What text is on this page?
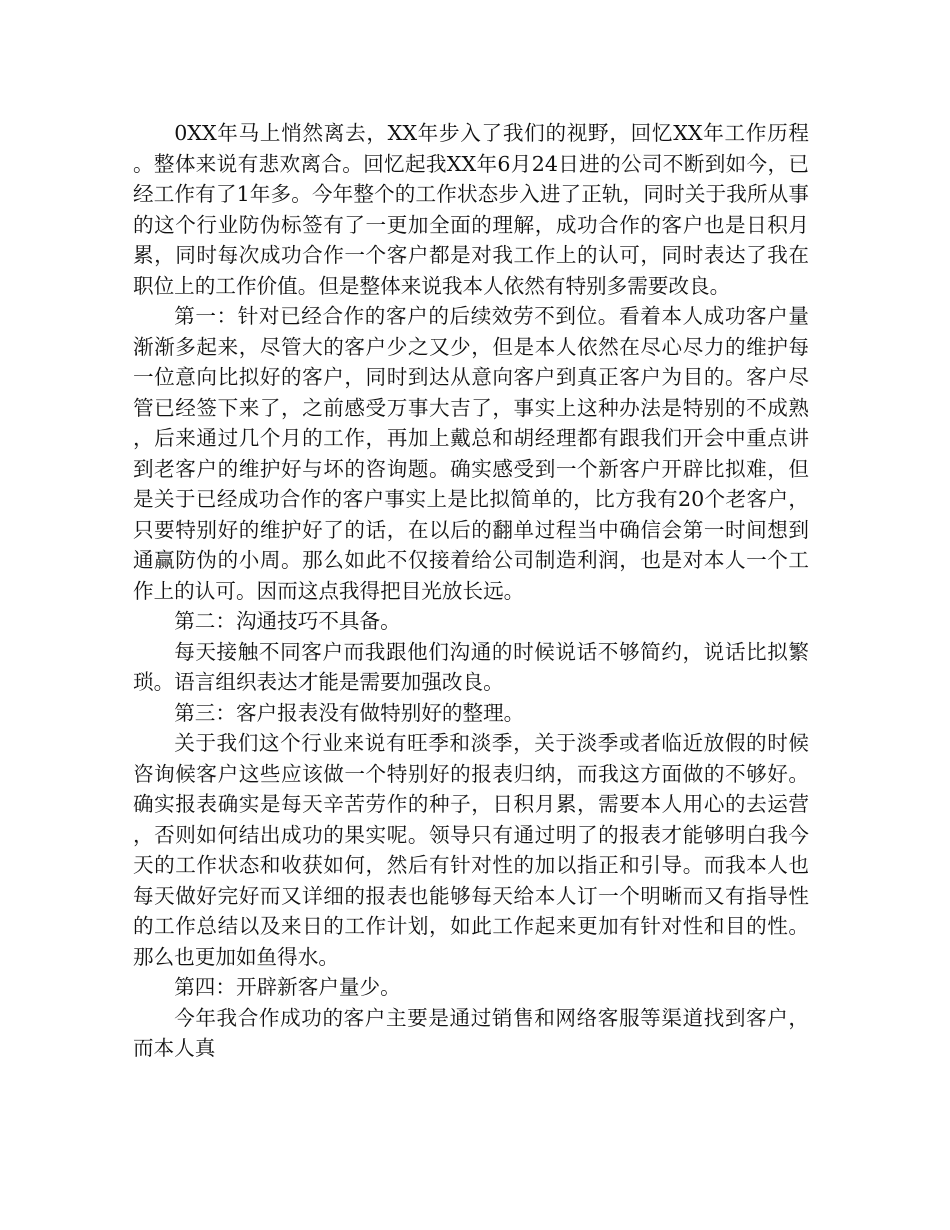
0XX年马上悄然离去，XX年步入了我们的视野，回忆XX年工作历程。整体来说有悲欢离合。回忆起我XX年6月24日进的公司不断到如今，已经工作有了1年多。今年整个的工作状态步入进了正轨，同时关于我所从事的这个行业防伪标签有了一更加全面的理解，成功合作的客户也是日积月累，同时每次成功合作一个客户都是对我工作上的认可，同时表达了我在职位上的工作价值。但是整体来说我本人依然有特别多需要改良。

第一：针对已经合作的客户的后续效劳不到位。看着本人成功客户量渐渐多起来，尽管大的客户少之又少，但是本人依然在尽心尽力的维护每一位意向比拟好的客户，同时到达从意向客户到真正客户为目的。客户尽管已经签下来了，之前感受万事大吉了，事实上这种办法是特别的不成熟，后来通过几个月的工作，再加上戴总和胡经理都有跟我们开会中重点讲到老客户的维护好与坏的咨询题。确实感受到一个新客户开辟比拟难，但是关于已经成功合作的客户事实上是比拟简单的，比方我有20个老客户，只要特别好的维护好了的话，在以后的翻单过程当中确信会第一时间想到通赢防伪的小周。那么如此不仅接着给公司制造利润，也是对本人一个工作上的认可。因而这点我得把目光放长远。

第二：沟通技巧不具备。

每天接触不同客户而我跟他们沟通的时候说话不够简约，说话比拟繁琐。语言组织表达才能是需要加强改良。

第三：客户报表没有做特别好的整理。

关于我们这个行业来说有旺季和淡季，关于淡季或者临近放假的时候咨询候客户这些应该做一个特别好的报表归纳，而我这方面做的不够好。确实报表确实是每天辛苦劳作的种子，日积月累，需要本人用心的去运营，否则如何结出成功的果实呢。领导只有通过明了的报表才能够明白我今天的工作状态和收获如何，然后有针对性的加以指正和引导。而我本人也每天做好完好而又详细的报表也能够每天给本人订一个明晰而又有指导性的工作总结以及来日的工作计划，如此工作起来更加有针对性和目的性。那么也更加如鱼得水。

第四：开辟新客户量少。

今年我合作成功的客户主要是通过销售和网络客服等渠道找到客户，而本人真
